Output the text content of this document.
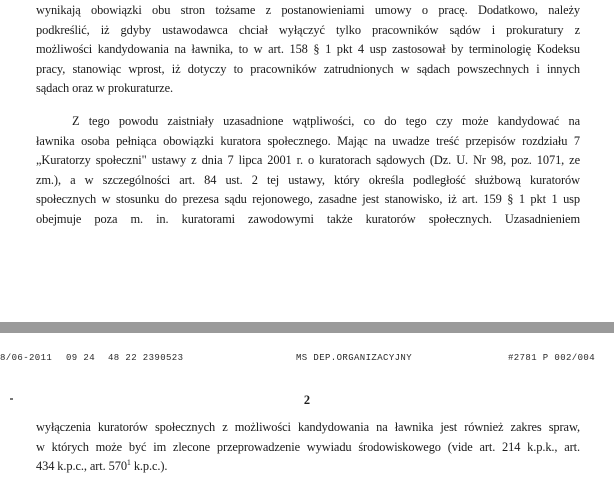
wynikają obowiązki obu stron tożsame z postanowieniami umowy o pracę. Dodatkowo, należy
podkreślić, iż gdyby ustawodawca chciał wyłączyć tylko pracowników sądów i prokuratury z
możliwości kandydowania na ławnika, to w art. 158 § 1 pkt 4 usp zastosował by terminologię Kodeksu
pracy, stanowiąc wprost, iż dotyczy to pracowników zatrudnionych w sądach powszechnych i innych
sądach oraz w prokuraturze.
Z tego powodu zaistniały uzasadnione wątpliwości, co do tego czy może kandydować na
ławnika osoba pełniąca obowiązki kuratora społecznego. Mając na uwadze treść przepisów rozdziału 7
„Kuratorzy społeczni" ustawy z dnia 7 lipca 2001 r. o kuratorach sądowych (Dz. U. Nr 98, poz. 1071, ze
zm.), a w szczególności art. 84 ust. 2 tej ustawy, który określa podległość służbową kuratorów
społecznych w stosunku do prezesa sądu rejonowego, zasadne jest stanowisko, iż art. 159 § 1 pkt 1 usp
obejmuje poza m. in. kuratorami zawodowymi także kuratorów społecznych. Uzasadnieniem
8/06-2011 09 24 48 22 2390523	MS DEP.ORGANIZACYJNY	#2781 P 002/004
2
wyłączenia kuratorów społecznych z możliwości kandydowania na ławnika jest również zakres spraw,
w których może być im zlecone przeprowadzenie wywiadu środowiskowego (vide art. 214 k.p.k., art.
434 k.p.c., art. $570^1$ k.p.c.).
